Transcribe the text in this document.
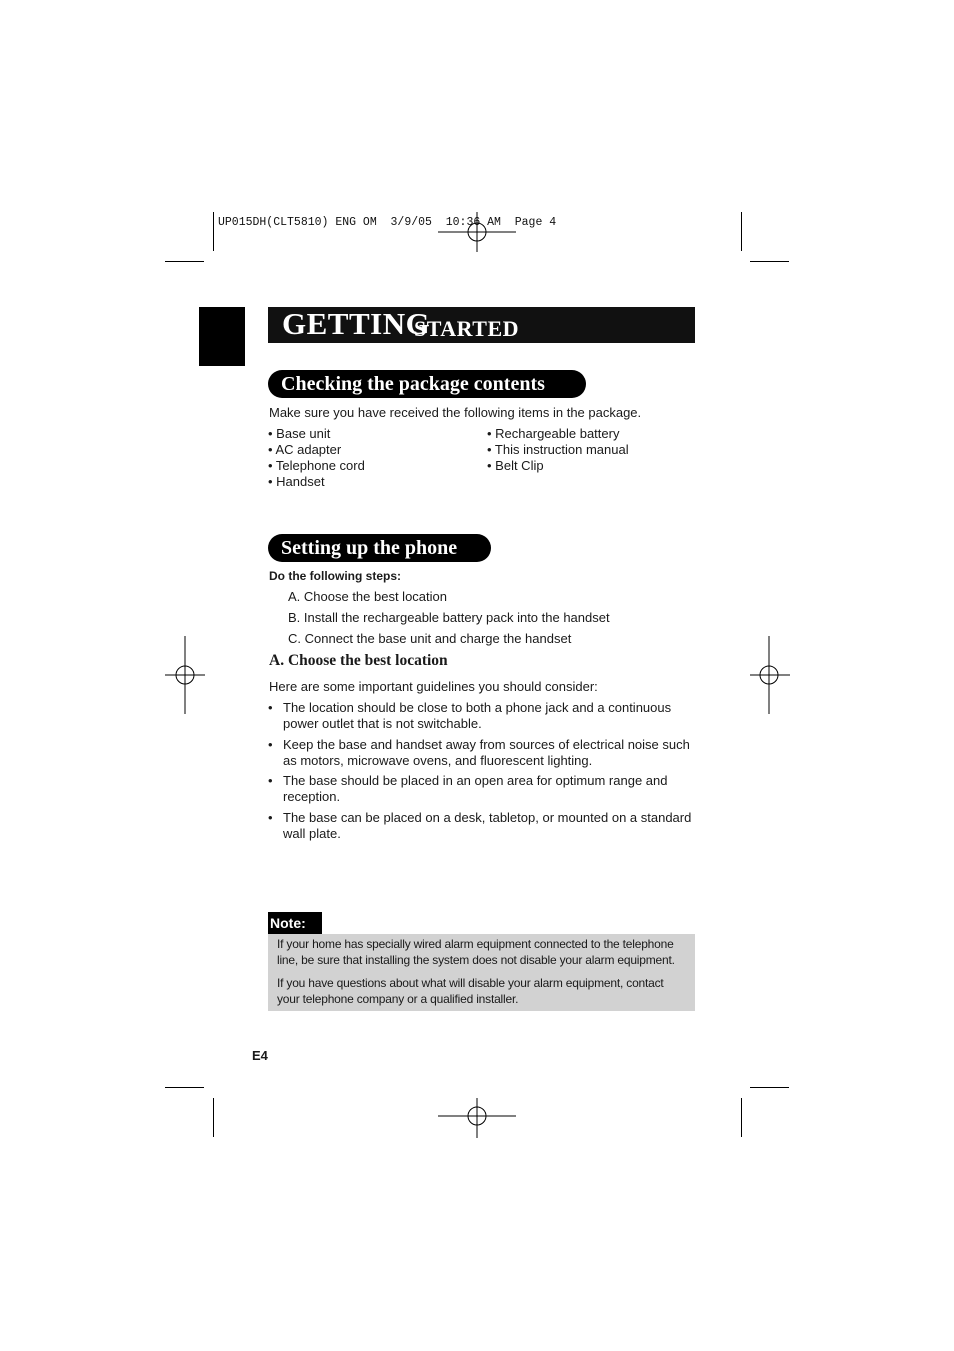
UP015DH(CLT5810) ENG OM  3/9/05  10:36 AM  Page 4
GETTING
STARTED
Checking the package contents
Make sure you have received the following items in the package.
• Base unit
• AC adapter
• Telephone cord
• Handset
• Rechargeable battery
• This instruction manual
• Belt Clip
Setting up the phone
Do the following steps:
A. Choose the best location
B. Install the rechargeable battery pack into the handset
C. Connect the base unit and charge the handset
A. Choose the best location
Here are some important guidelines you should consider:
• The location should be close to both a phone jack and a continuous power outlet that is not switchable.
• Keep the base and handset away from sources of electrical noise such as motors, microwave ovens, and fluorescent lighting.
• The base should be placed in an open area for optimum range and reception.
• The base can be placed on a desk, tabletop, or mounted on a standard wall plate.
Note:
If your home has specially wired alarm equipment connected to the telephone line, be sure that installing the system does not disable your alarm equipment.
If you have questions about what will disable your alarm equipment, contact your telephone company or a qualified installer.
E4
